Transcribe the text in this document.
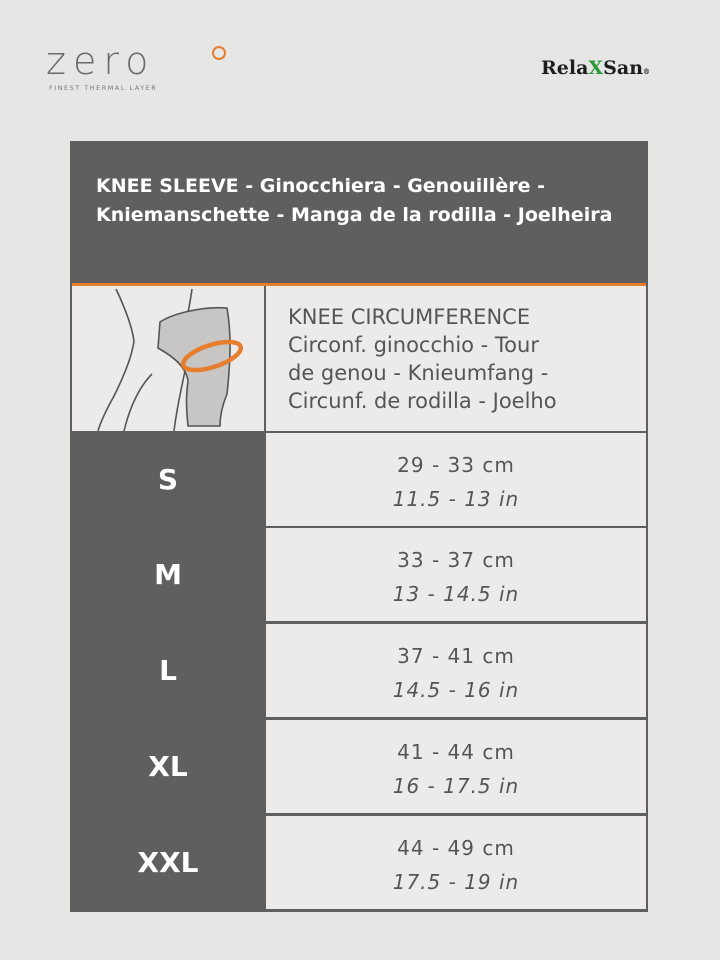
zero
FINEST THERMAL LAYER
RelaXSan®
KNEE SLEEVE - Ginocchiera - Genouillère - Kniemanschette - Manga de la rodilla - Joelheira
KNEE CIRCUMFERENCE
Circonf. ginocchio - Tour
de genou - Knieumfang -
Circunf. de rodilla - Joelho
S	29 - 33 cm
11.5 - 13 in
M	33 - 37 cm
13 - 14.5 in
L	37 - 41 cm
14.5 - 16 in
XL	41 - 44 cm
16 - 17.5 in
XXL	44 - 49 cm
17.5 - 19 in
